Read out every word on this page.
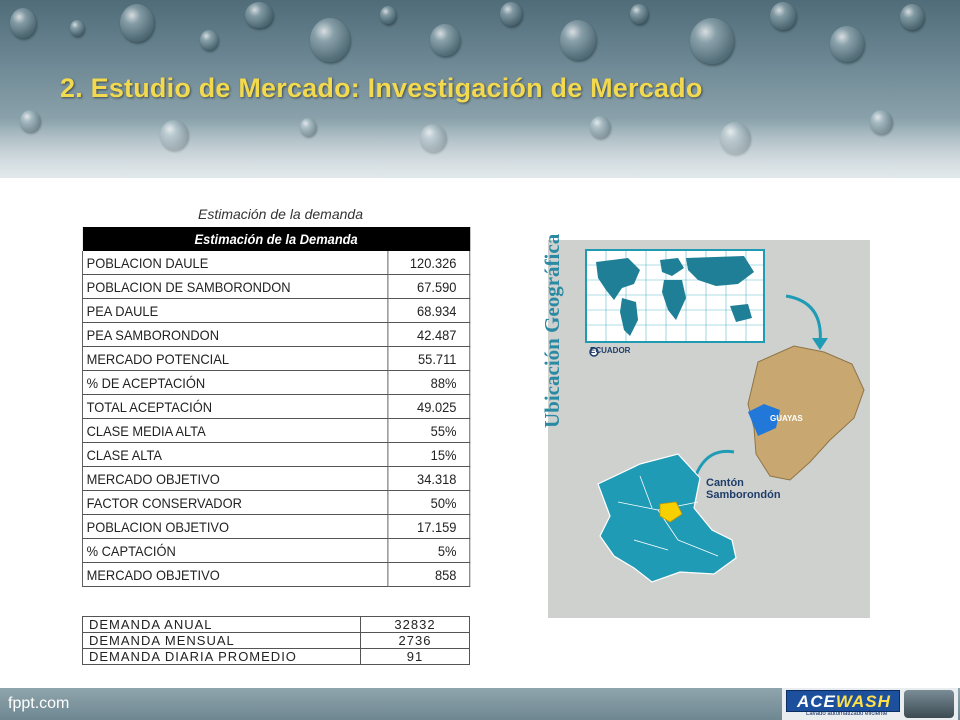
2. Estudio de Mercado: Investigación de Mercado
Estimación de la demanda
Estimación de la Demanda	
POBLACION DAULE	120.326
POBLACION DE SAMBORONDON	67.590
PEA DAULE	68.934
PEA SAMBORONDON	42.487
MERCADO POTENCIAL	55.711
% DE ACEPTACIÓN	88%
TOTAL ACEPTACIÓN	49.025
CLASE MEDIA ALTA	55%
CLASE ALTA	15%
MERCADO OBJETIVO	34.318
FACTOR CONSERVADOR	50%
POBLACION OBJETIVO	17.159
% CAPTACIÓN	5%
MERCADO OBJETIVO	858
DEMANDA ANUAL	32832
DEMANDA MENSUAL	2736
DEMANDA DIARIA PROMEDIO	91
Ubicación Geográfica	ECUADOR
GUAYAS
Cantón
Samborondón
fppt.com	ACEWASH
Lavado automatizado eficiente
